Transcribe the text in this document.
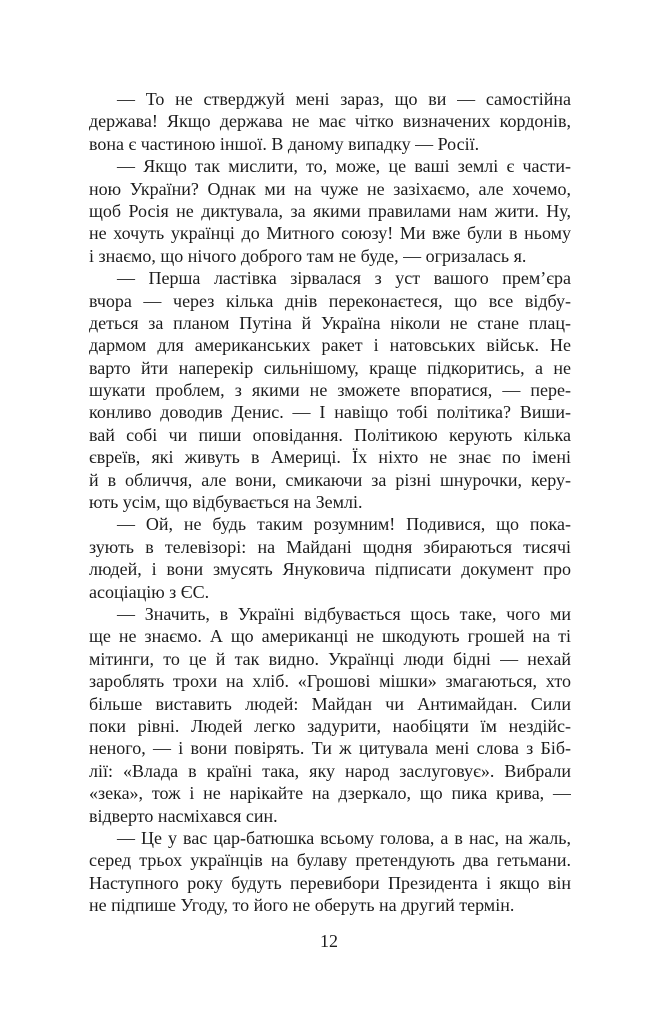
— То не стверджуй мені зараз, що ви — самостійна
держава! Якщо держава не має чітко визначених кордонів,
вона є частиною іншої. В даному випадку — Росії.

— Якщо так мислити, то, може, це ваші землі є части-
ною України? Однак ми на чуже не зазіхаємо, але хочемо,
щоб Росія не диктувала, за якими правилами нам жити. Ну,
не хочуть українці до Митного союзу! Ми вже були в ньому
і знаємо, що нічого доброго там не буде, — огризалась я.

— Перша ластівка зірвалася з уст вашого прем’єра
вчора — через кілька днів переконаєтеся, що все відбу-
деться за планом Путіна й Україна ніколи не стане плац-
дармом для американських ракет і натовських військ. Не
варто йти наперекір сильнішому, краще підкоритись, а не
шукати проблем, з якими не зможете впоратися, — пере-
конливо доводив Денис. — І навіщо тобі політика? Виши-
вай собі чи пиши оповідання. Політикою керують кілька
євреїв, які живуть в Америці. Їх ніхто не знає по імені
й в обличчя, але вони, смикаючи за різні шнурочки, керу-
ють усім, що відбувається на Землі.

— Ой, не будь таким розумним! Подивися, що пока-
зують в телевізорі: на Майдані щодня збираються тисячі
людей, і вони змусять Януковича підписати документ про
асоціацію з ЄС.

— Значить, в Україні відбувається щось таке, чого ми
ще не знаємо. А що американці не шкодують грошей на ті
мітинги, то це й так видно. Українці люди бідні — нехай
зароблять трохи на хліб. «Грошові мішки» змагаються, хто
більше виставить людей: Майдан чи Антимайдан. Сили
поки рівні. Людей легко задурити, наобіцяти їм нездійс-
неного, — і вони повірять. Ти ж цитувала мені слова з Біб-
лії: «Влада в країні така, яку народ заслуговує». Вибрали
«зека», тож і не нарікайте на дзеркало, що пика крива, —
відверто насміхався син.

— Це у вас цар-батюшка всьому голова, а в нас, на жаль,
серед трьох українців на булаву претендують два гетьмани.
Наступного року будуть перевибори Президента і якщо він
не підпише Угоду, то його не оберуть на другий термін.

12
